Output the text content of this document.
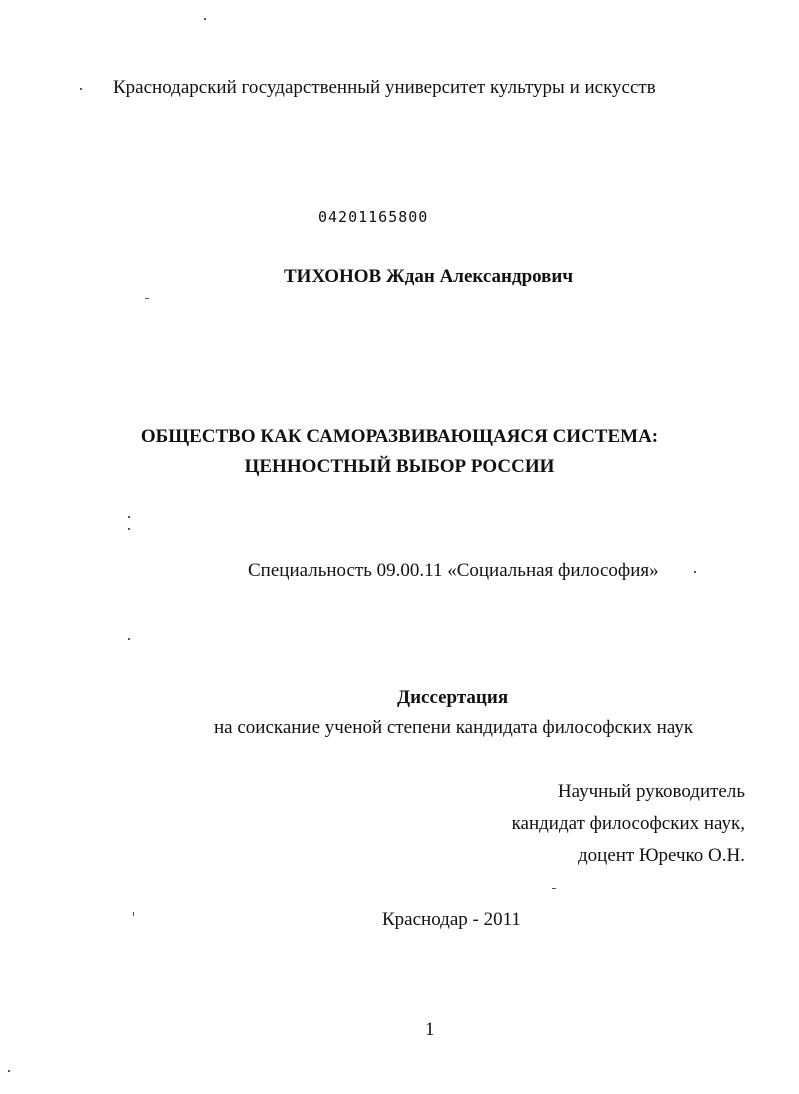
Краснодарский государственный университет культуры и искусств
04201165800
ТИХОНОВ Ждан Александрович
ОБЩЕСТВО КАК САМОРАЗВИВАЮЩАЯСЯ СИСТЕМА:
ЦЕННОСТНЫЙ ВЫБОР РОССИИ
Специальность 09.00.11 «Социальная философия»
Диссертация
на соискание ученой степени кандидата философских наук
Научный руководитель
кандидат философских наук,
доцент Юречко О.Н.
Краснодар - 2011
1
